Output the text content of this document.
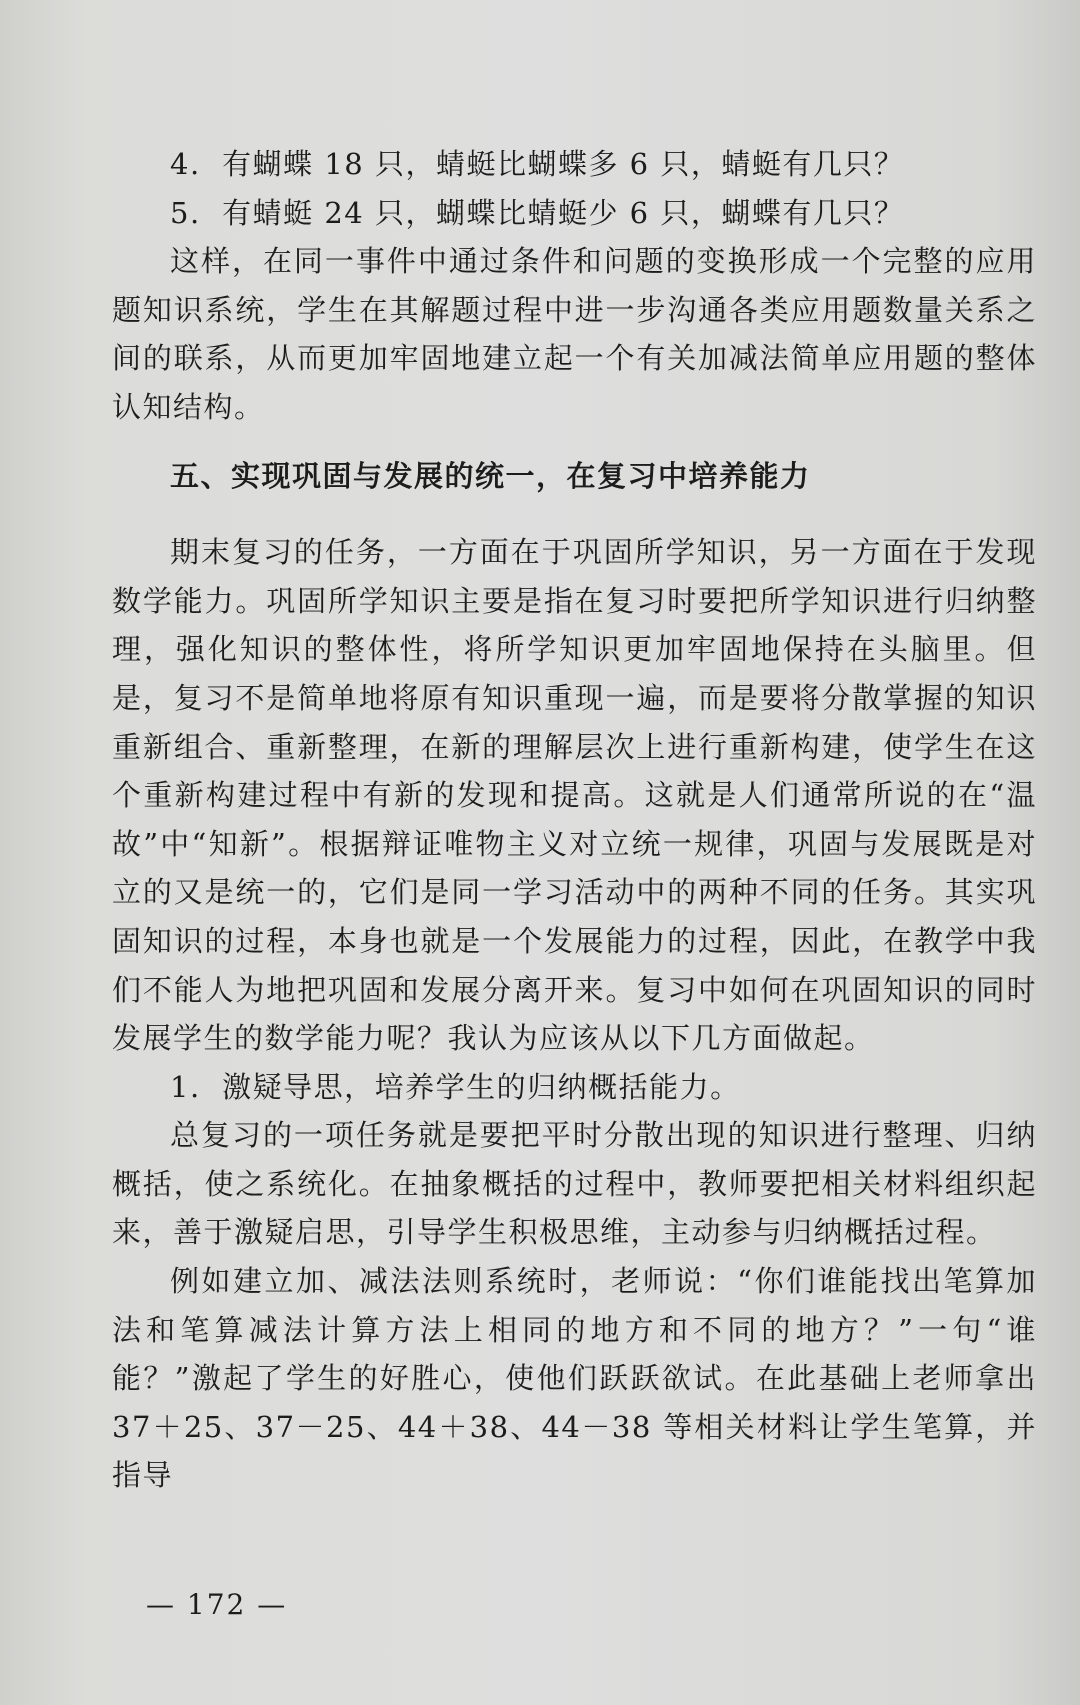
4. 有蝴蝶 18 只，蜻蜓比蝴蝶多 6 只，蜻蜓有几只？

5. 有蜻蜓 24 只，蝴蝶比蜻蜓少 6 只，蝴蝶有几只？

这样，在同一事件中通过条件和问题的变换形成一个完整的应用题知识系统，学生在其解题过程中进一步沟通各类应用题数量关系之间的联系，从而更加牢固地建立起一个有关加减法简单应用题的整体认知结构。

五、实现巩固与发展的统一，在复习中培养能力

期末复习的任务，一方面在于巩固所学知识，另一方面在于发现数学能力。巩固所学知识主要是指在复习时要把所学知识进行归纳整理，强化知识的整体性，将所学知识更加牢固地保持在头脑里。但是，复习不是简单地将原有知识重现一遍，而是要将分散掌握的知识重新组合、重新整理，在新的理解层次上进行重新构建，使学生在这个重新构建过程中有新的发现和提高。这就是人们通常所说的在“温故”中“知新”。根据辩证唯物主义对立统一规律，巩固与发展既是对立的又是统一的，它们是同一学习活动中的两种不同的任务。其实巩固知识的过程，本身也就是一个发展能力的过程，因此，在教学中我们不能人为地把巩固和发展分离开来。复习中如何在巩固知识的同时发展学生的数学能力呢？我认为应该从以下几方面做起。

1. 激疑导思，培养学生的归纳概括能力。

总复习的一项任务就是要把平时分散出现的知识进行整理、归纳概括，使之系统化。在抽象概括的过程中，教师要把相关材料组织起来，善于激疑启思，引导学生积极思维，主动参与归纳概括过程。

例如建立加、减法法则系统时，老师说：“你们谁能找出笔算加法和笔算减法计算方法上相同的地方和不同的地方？”一句“谁能？”激起了学生的好胜心，使他们跃跃欲试。在此基础上老师拿出 37＋25、37－25、44＋38、44－38 等相关材料让学生笔算，并指导

— 172 —
